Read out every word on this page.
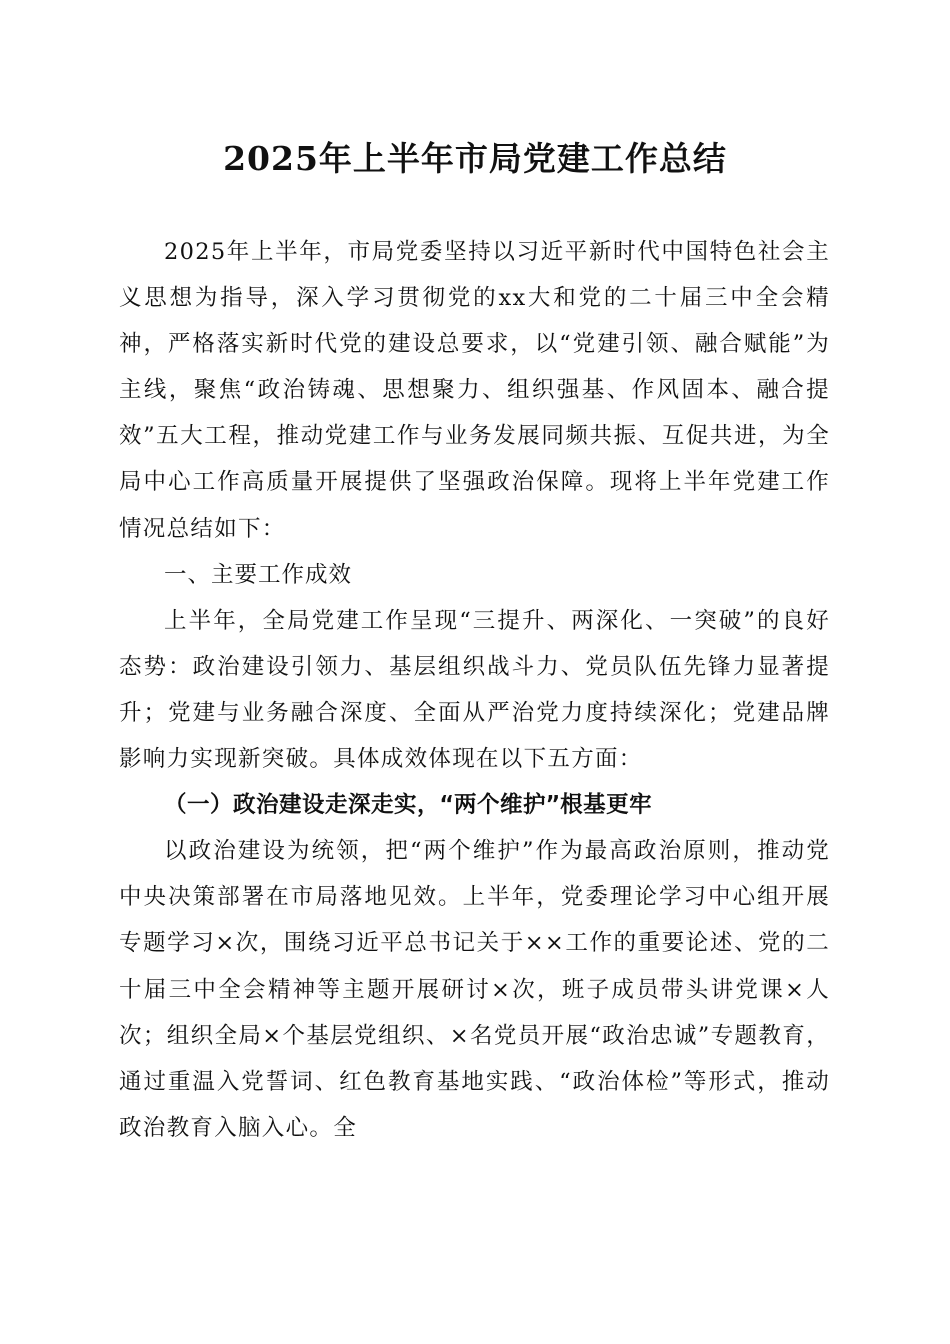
2025年上半年市局党建工作总结

2025年上半年，市局党委坚持以习近平新时代中国特色社会主义思想为指导，深入学习贯彻党的xx大和党的二十届三中全会精神，严格落实新时代党的建设总要求，以“党建引领、融合赋能”为主线，聚焦“政治铸魂、思想聚力、组织强基、作风固本、融合提效”五大工程，推动党建工作与业务发展同频共振、互促共进，为全局中心工作高质量开展提供了坚强政治保障。现将上半年党建工作情况总结如下：

一、主要工作成效

上半年，全局党建工作呈现“三提升、两深化、一突破”的良好态势：政治建设引领力、基层组织战斗力、党员队伍先锋力显著提升；党建与业务融合深度、全面从严治党力度持续深化；党建品牌影响力实现新突破。具体成效体现在以下五方面：

（一）政治建设走深走实，“两个维护”根基更牢

以政治建设为统领，把“两个维护”作为最高政治原则，推动党中央决策部署在市局落地见效。上半年，党委理论学习中心组开展专题学习×次，围绕习近平总书记关于××工作的重要论述、党的二十届三中全会精神等主题开展研讨×次，班子成员带头讲党课×人次；组织全局×个基层党组织、×名党员开展“政治忠诚”专题教育，通过重温入党誓词、红色教育基地实践、“政治体检”等形式，推动政治教育入脑入心。全
